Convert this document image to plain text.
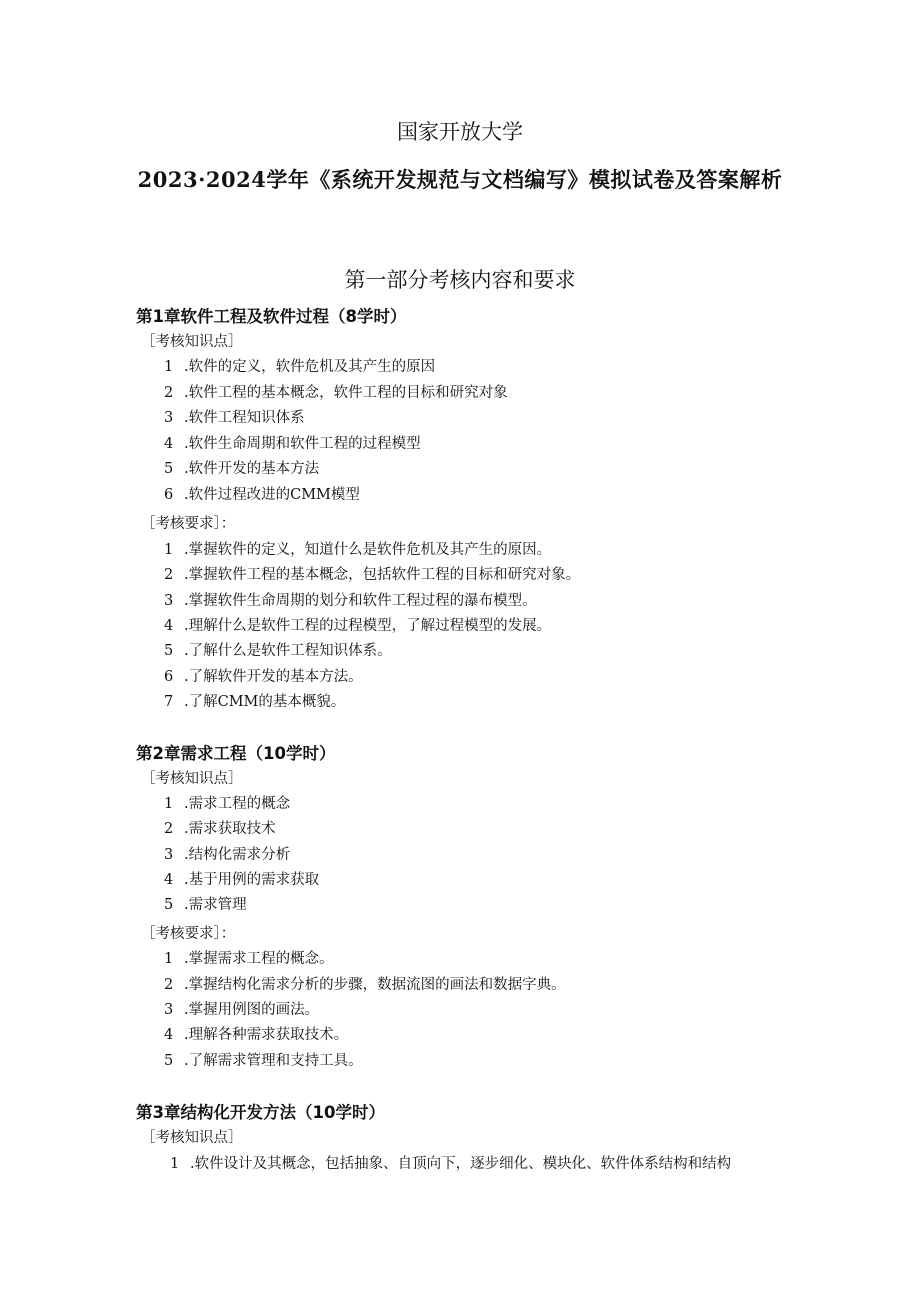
国家开放大学
2023·2024学年《系统开发规范与文档编写》模拟试卷及答案解析
第一部分考核内容和要求
第1章软件工程及软件过程（8学时）
［考核知识点］
1 .软件的定义，软件危机及其产生的原因
2 .软件工程的基本概念，软件工程的目标和研究对象
3 .软件工程知识体系
4 .软件生命周期和软件工程的过程模型
5 .软件开发的基本方法
6 .软件过程改进的CMM模型
［考核要求］：
1 .掌握软件的定义，知道什么是软件危机及其产生的原因。
2 .掌握软件工程的基本概念，包括软件工程的目标和研究对象。
3 .掌握软件生命周期的划分和软件工程过程的瀑布模型。
4 .理解什么是软件工程的过程模型，了解过程模型的发展。
5 .了解什么是软件工程知识体系。
6 .了解软件开发的基本方法。
7 .了解CMM的基本概貌。
第2章需求工程（10学时）
［考核知识点］
1 .需求工程的概念
2 .需求获取技术
3 .结构化需求分析
4 .基于用例的需求获取
5 .需求管理
［考核要求］：
1 .掌握需求工程的概念。
2 .掌握结构化需求分析的步骤，数据流图的画法和数据字典。
3 .掌握用例图的画法。
4 .理解各种需求获取技术。
5 .了解需求管理和支持工具。
第3章结构化开发方法（10学时）
［考核知识点］
1 .软件设计及其概念，包括抽象、自顶向下，逐步细化、模块化、软件体系结构和结构
